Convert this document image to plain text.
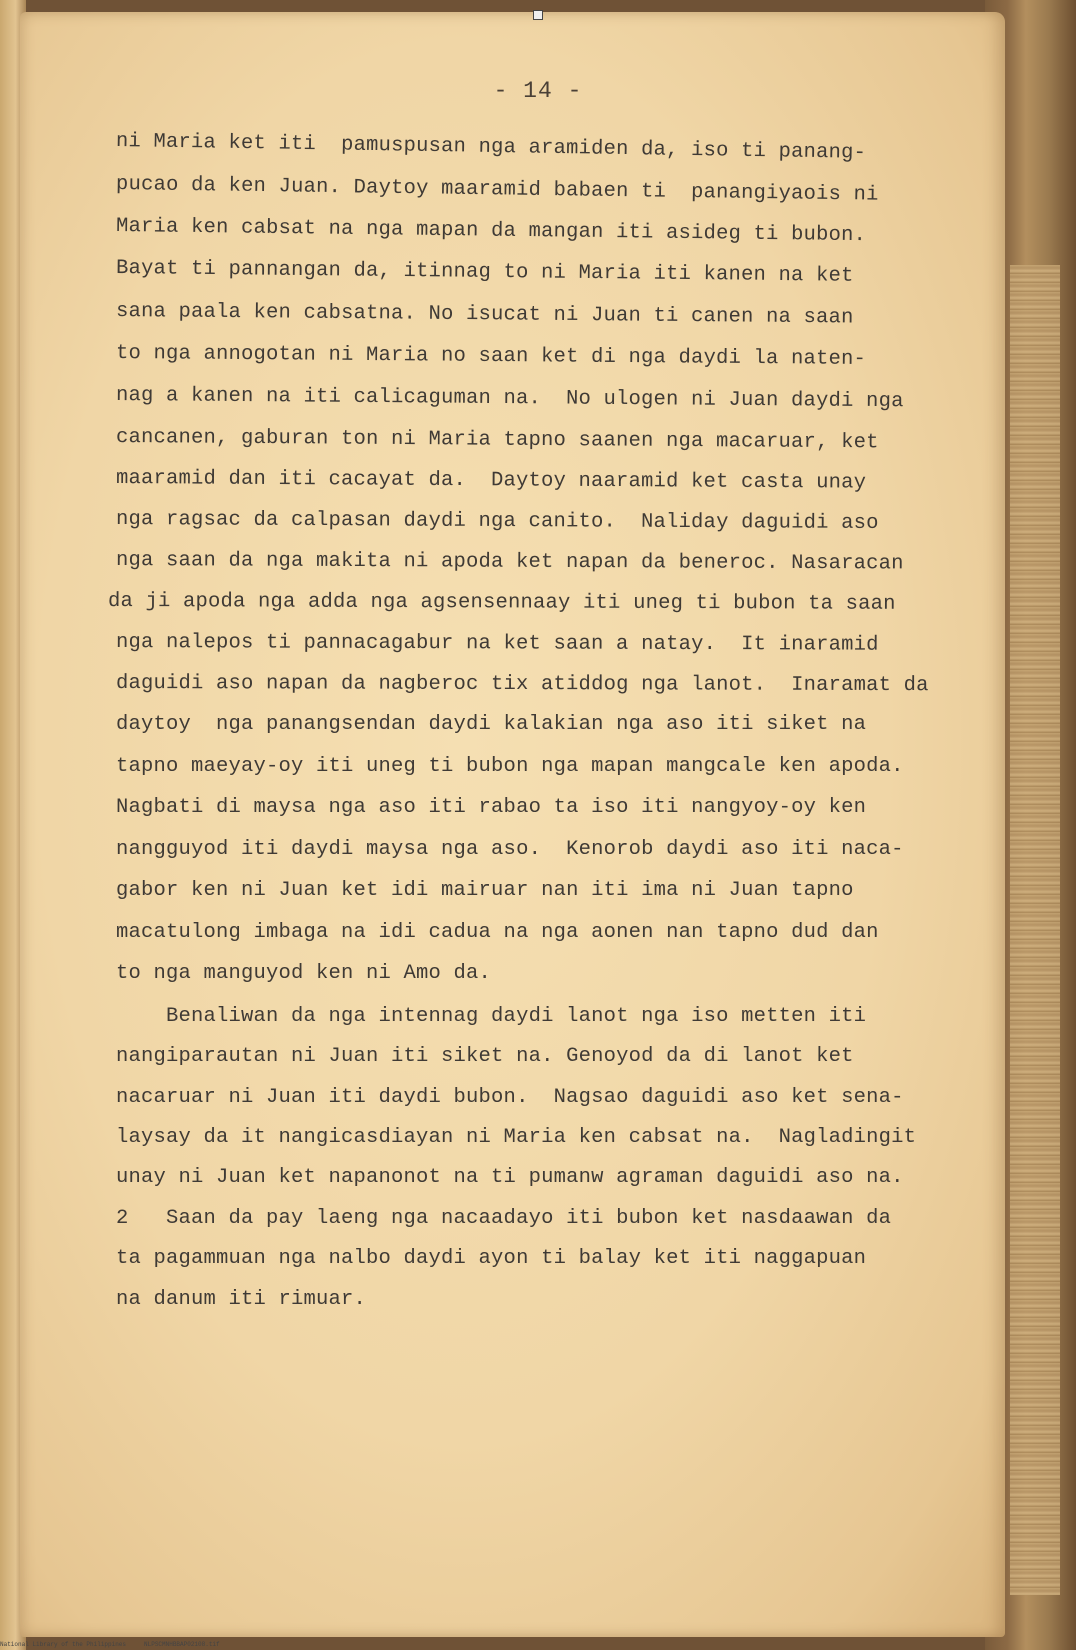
- 14 -
ni Maria ket iti  pamuspusan nga aramiden da, iso ti panang-
pucao da ken Juan. Daytoy maaramid babaen ti  panangiyaois ni
Maria ken cabsat na nga mapan da mangan iti asideg ti bubon.
Bayat ti pannangan da, itinnag to ni Maria iti kanen na ket
sana paala ken cabsatna. No isucat ni Juan ti canen na saan
to nga annogotan ni Maria no saan ket di nga daydi la naten-
nag a kanen na iti calicaguman na.  No ulogen ni Juan daydi nga
cancanen, gaburan ton ni Maria tapno saanen nga macaruar, ket
maaramid dan iti cacayat da.  Daytoy naaramid ket casta unay
nga ragsac da calpasan daydi nga canito.  Naliday daguidi aso
nga saan da nga makita ni apoda ket napan da beneroc. Nasaracan
da ji apoda nga adda nga agsensennaay iti uneg ti bubon ta saan
nga nalepos ti pannacagabur na ket saan a natay.  It inaramid
daguidi aso napan da nagberoc tix atiddog nga lanot.  Inaramat da
daytoy  nga panangsendan daydi kalakian nga aso iti siket na
tapno maeyay-oy iti uneg ti bubon nga mapan mangcale ken apoda.
Nagbati di maysa nga aso iti rabao ta iso iti nangyoy-oy ken
nangguyod iti daydi maysa nga aso.  Kenorob daydi aso iti naca-
gabor ken ni Juan ket idi mairuar nan iti ima ni Juan tapno
macatulong imbaga na idi cadua na nga aonen nan tapno dud dan
to nga manguyod ken ni Amo da.
Benaliwan da nga intennag daydi lanot nga iso metten iti
nangiparautan ni Juan iti siket na. Genoyod da di lanot ket
nacaruar ni Juan iti daydi bubon.  Nagsao daguidi aso ket sena-
laysay da it nangicasdiayan ni Maria ken cabsat na.  Nagladingit
unay ni Juan ket napanonot na ti pumanw agraman daguidi aso na.
2   Saan da pay laeng nga nacaadayo iti bubon ket nasdaawan da
ta pagammuan nga nalbo daydi ayon ti balay ket iti naggapuan
na danum iti rimuar.
National Library of the Philippines     NLPSCMNHBBAP02108.tif
